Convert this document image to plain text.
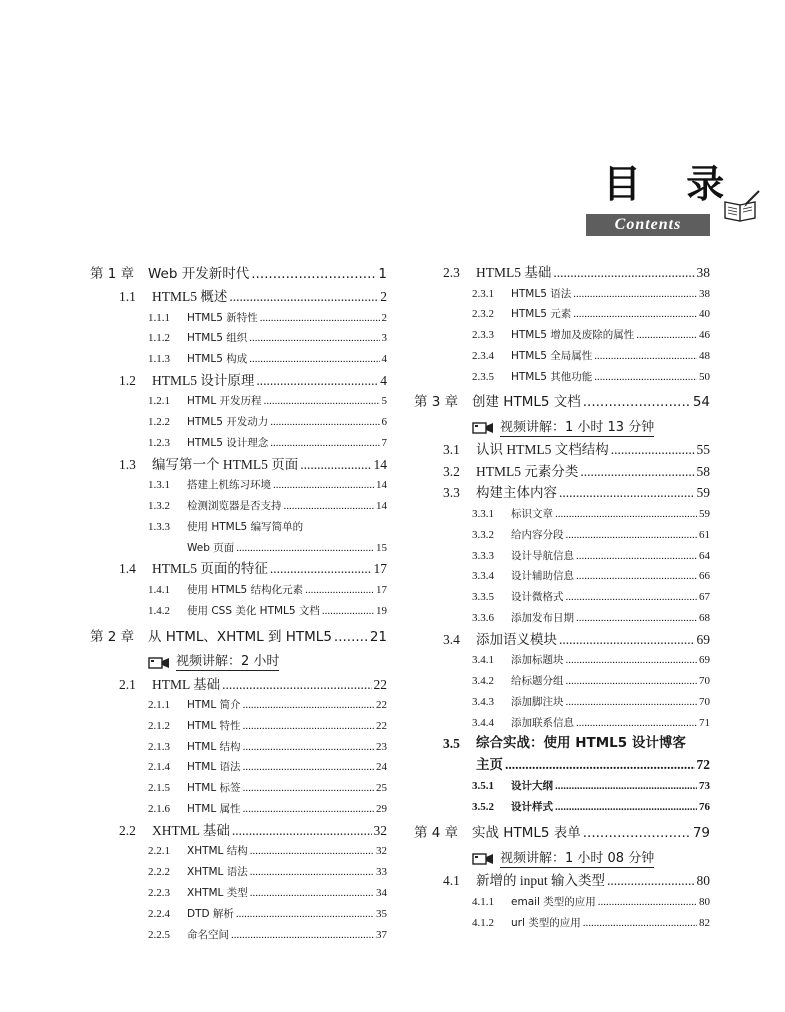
目 录
Contents
第 1 章	Web 开发新时代 .....	1
1.1	HTML5 概述 .....	2
1.1.1	HTML5 新特性 .....	2
1.1.2	HTML5 组织 .....	3
1.1.3	HTML5 构成 .....	4
1.2	HTML5 设计原理 .....	4
1.2.1	HTML 开发历程 .....	5
1.2.2	HTML5 开发动力 .....	6
1.2.3	HTML5 设计理念 .....	7
1.3	编写第一个 HTML5 页面 .....	14
1.3.1	搭建上机练习环境 .....	14
1.3.2	检测浏览器是否支持 .....	14
1.3.3	使用 HTML5 编写简单的
Web 页面 .....	15
1.4	HTML5 页面的特征 .....	17
1.4.1	使用 HTML5 结构化元素 .....	17
1.4.2	使用 CSS 美化 HTML5 文档 .....	19
第 2 章	从 HTML、XHTML 到 HTML5 .....	21
视频讲解：2 小时
2.1	HTML 基础 .....	22
2.1.1	HTML 简介 .....	22
2.1.2	HTML 特性 .....	22
2.1.3	HTML 结构 .....	23
2.1.4	HTML 语法 .....	24
2.1.5	HTML 标签 .....	25
2.1.6	HTML 属性 .....	29
2.2	XHTML 基础 .....	32
2.2.1	XHTML 结构 .....	32
2.2.2	XHTML 语法 .....	33
2.2.3	XHTML 类型 .....	34
2.2.4	DTD 解析 .....	35
2.2.5	命名空间 .....	37
2.3	HTML5 基础 .....	38
2.3.1	HTML5 语法 .....	38
2.3.2	HTML5 元素 .....	40
2.3.3	HTML5 增加及废除的属性 .....	46
2.3.4	HTML5 全局属性 .....	48
2.3.5	HTML5 其他功能 .....	50
第 3 章	创建 HTML5 文档 .....	54
视频讲解：1 小时 13 分钟
3.1	认识 HTML5 文档结构 .....	55
3.2	HTML5 元素分类 .....	58
3.3	构建主体内容 .....	59
3.3.1	标识文章 .....	59
3.3.2	给内容分段 .....	61
3.3.3	设计导航信息 .....	64
3.3.4	设计辅助信息 .....	66
3.3.5	设计微格式 .....	67
3.3.6	添加发布日期 .....	68
3.4	添加语义模块 .....	69
3.4.1	添加标题块 .....	69
3.4.2	给标题分组 .....	70
3.4.3	添加脚注块 .....	70
3.4.4	添加联系信息 .....	71
3.5	综合实战：使用 HTML5 设计博客
主页 .....	72
3.5.1	设计大纲 .....	73
3.5.2	设计样式 .....	76
第 4 章	实战 HTML5 表单 .....	79
视频讲解：1 小时 08 分钟
4.1	新增的 input 输入类型 .....	80
4.1.1	email 类型的应用 .....	80
4.1.2	url 类型的应用 .....	82
